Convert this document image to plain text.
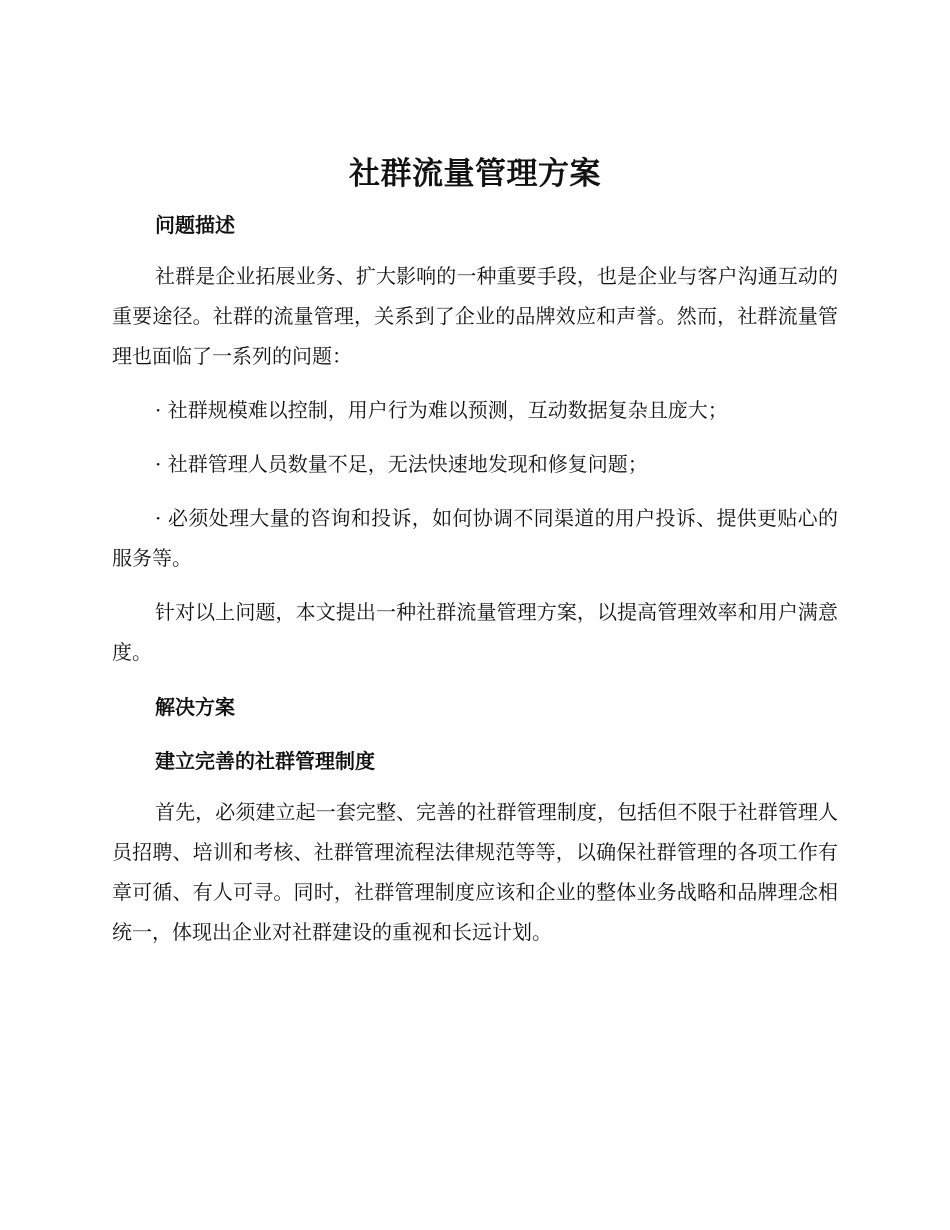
社群流量管理方案
问题描述

社群是企业拓展业务、扩大影响的一种重要手段，也是企业与客户沟通互动的重要途径。社群的流量管理，关系到了企业的品牌效应和声誉。然而，社群流量管理也面临了一系列的问题：

· 社群规模难以控制，用户行为难以预测，互动数据复杂且庞大；

· 社群管理人员数量不足，无法快速地发现和修复问题；

· 必须处理大量的咨询和投诉，如何协调不同渠道的用户投诉、提供更贴心的服务等。

针对以上问题，本文提出一种社群流量管理方案，以提高管理效率和用户满意度。

解决方案
建立完善的社群管理制度

首先，必须建立起一套完整、完善的社群管理制度，包括但不限于社群管理人员招聘、培训和考核、社群管理流程法律规范等等，以确保社群管理的各项工作有章可循、有人可寻。同时，社群管理制度应该和企业的整体业务战略和品牌理念相统一，体现出企业对社群建设的重视和长远计划。
